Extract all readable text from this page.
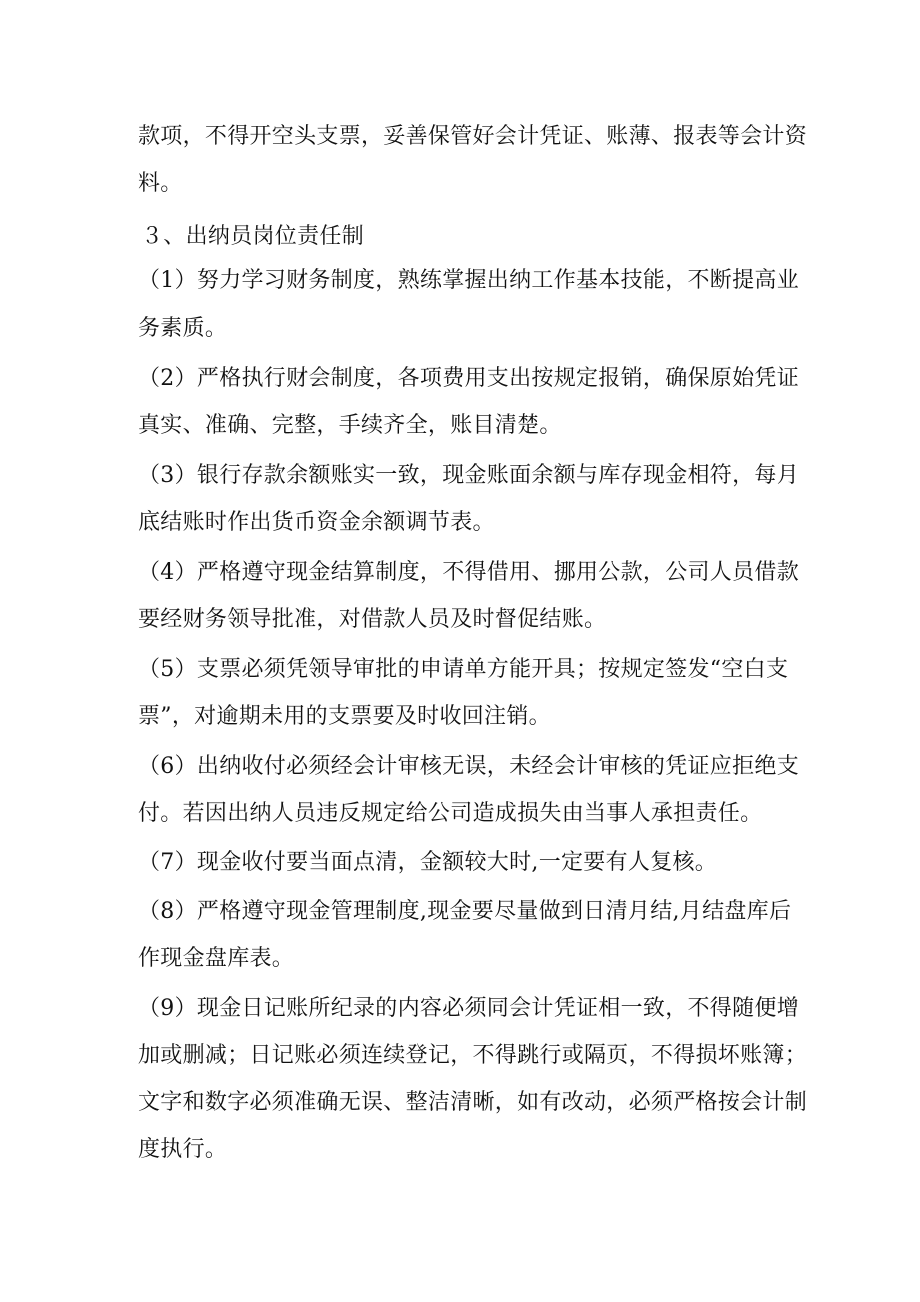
款项，不得开空头支票，妥善保管好会计凭证、账薄、报表等会计资
料。
３、出纳员岗位责任制
（1）努力学习财务制度，熟练掌握出纳工作基本技能，不断提高业
务素质。
（2）严格执行财会制度，各项费用支出按规定报销，确保原始凭证
真实、准确、完整，手续齐全，账目清楚。
（3）银行存款余额账实一致，现金账面余额与库存现金相符，每月
底结账时作出货币资金余额调节表。
（4）严格遵守现金结算制度，不得借用、挪用公款，公司人员借款
要经财务领导批准，对借款人员及时督促结账。
（5）支票必须凭领导审批的申请单方能开具；按规定签发“空白支
票”，对逾期未用的支票要及时收回注销。
（6）出纳收付必须经会计审核无误，未经会计审核的凭证应拒绝支
付。若因出纳人员违反规定给公司造成损失由当事人承担责任。
（7）现金收付要当面点清，金额较大时,一定要有人复核。
（8）严格遵守现金管理制度,现金要尽量做到日清月结,月结盘库后
作现金盘库表。
（9）现金日记账所纪录的内容必须同会计凭证相一致，不得随便增
加或删减；日记账必须连续登记，不得跳行或隔页，不得损坏账簿；
文字和数字必须准确无误、整洁清晰，如有改动，必须严格按会计制
度执行。
